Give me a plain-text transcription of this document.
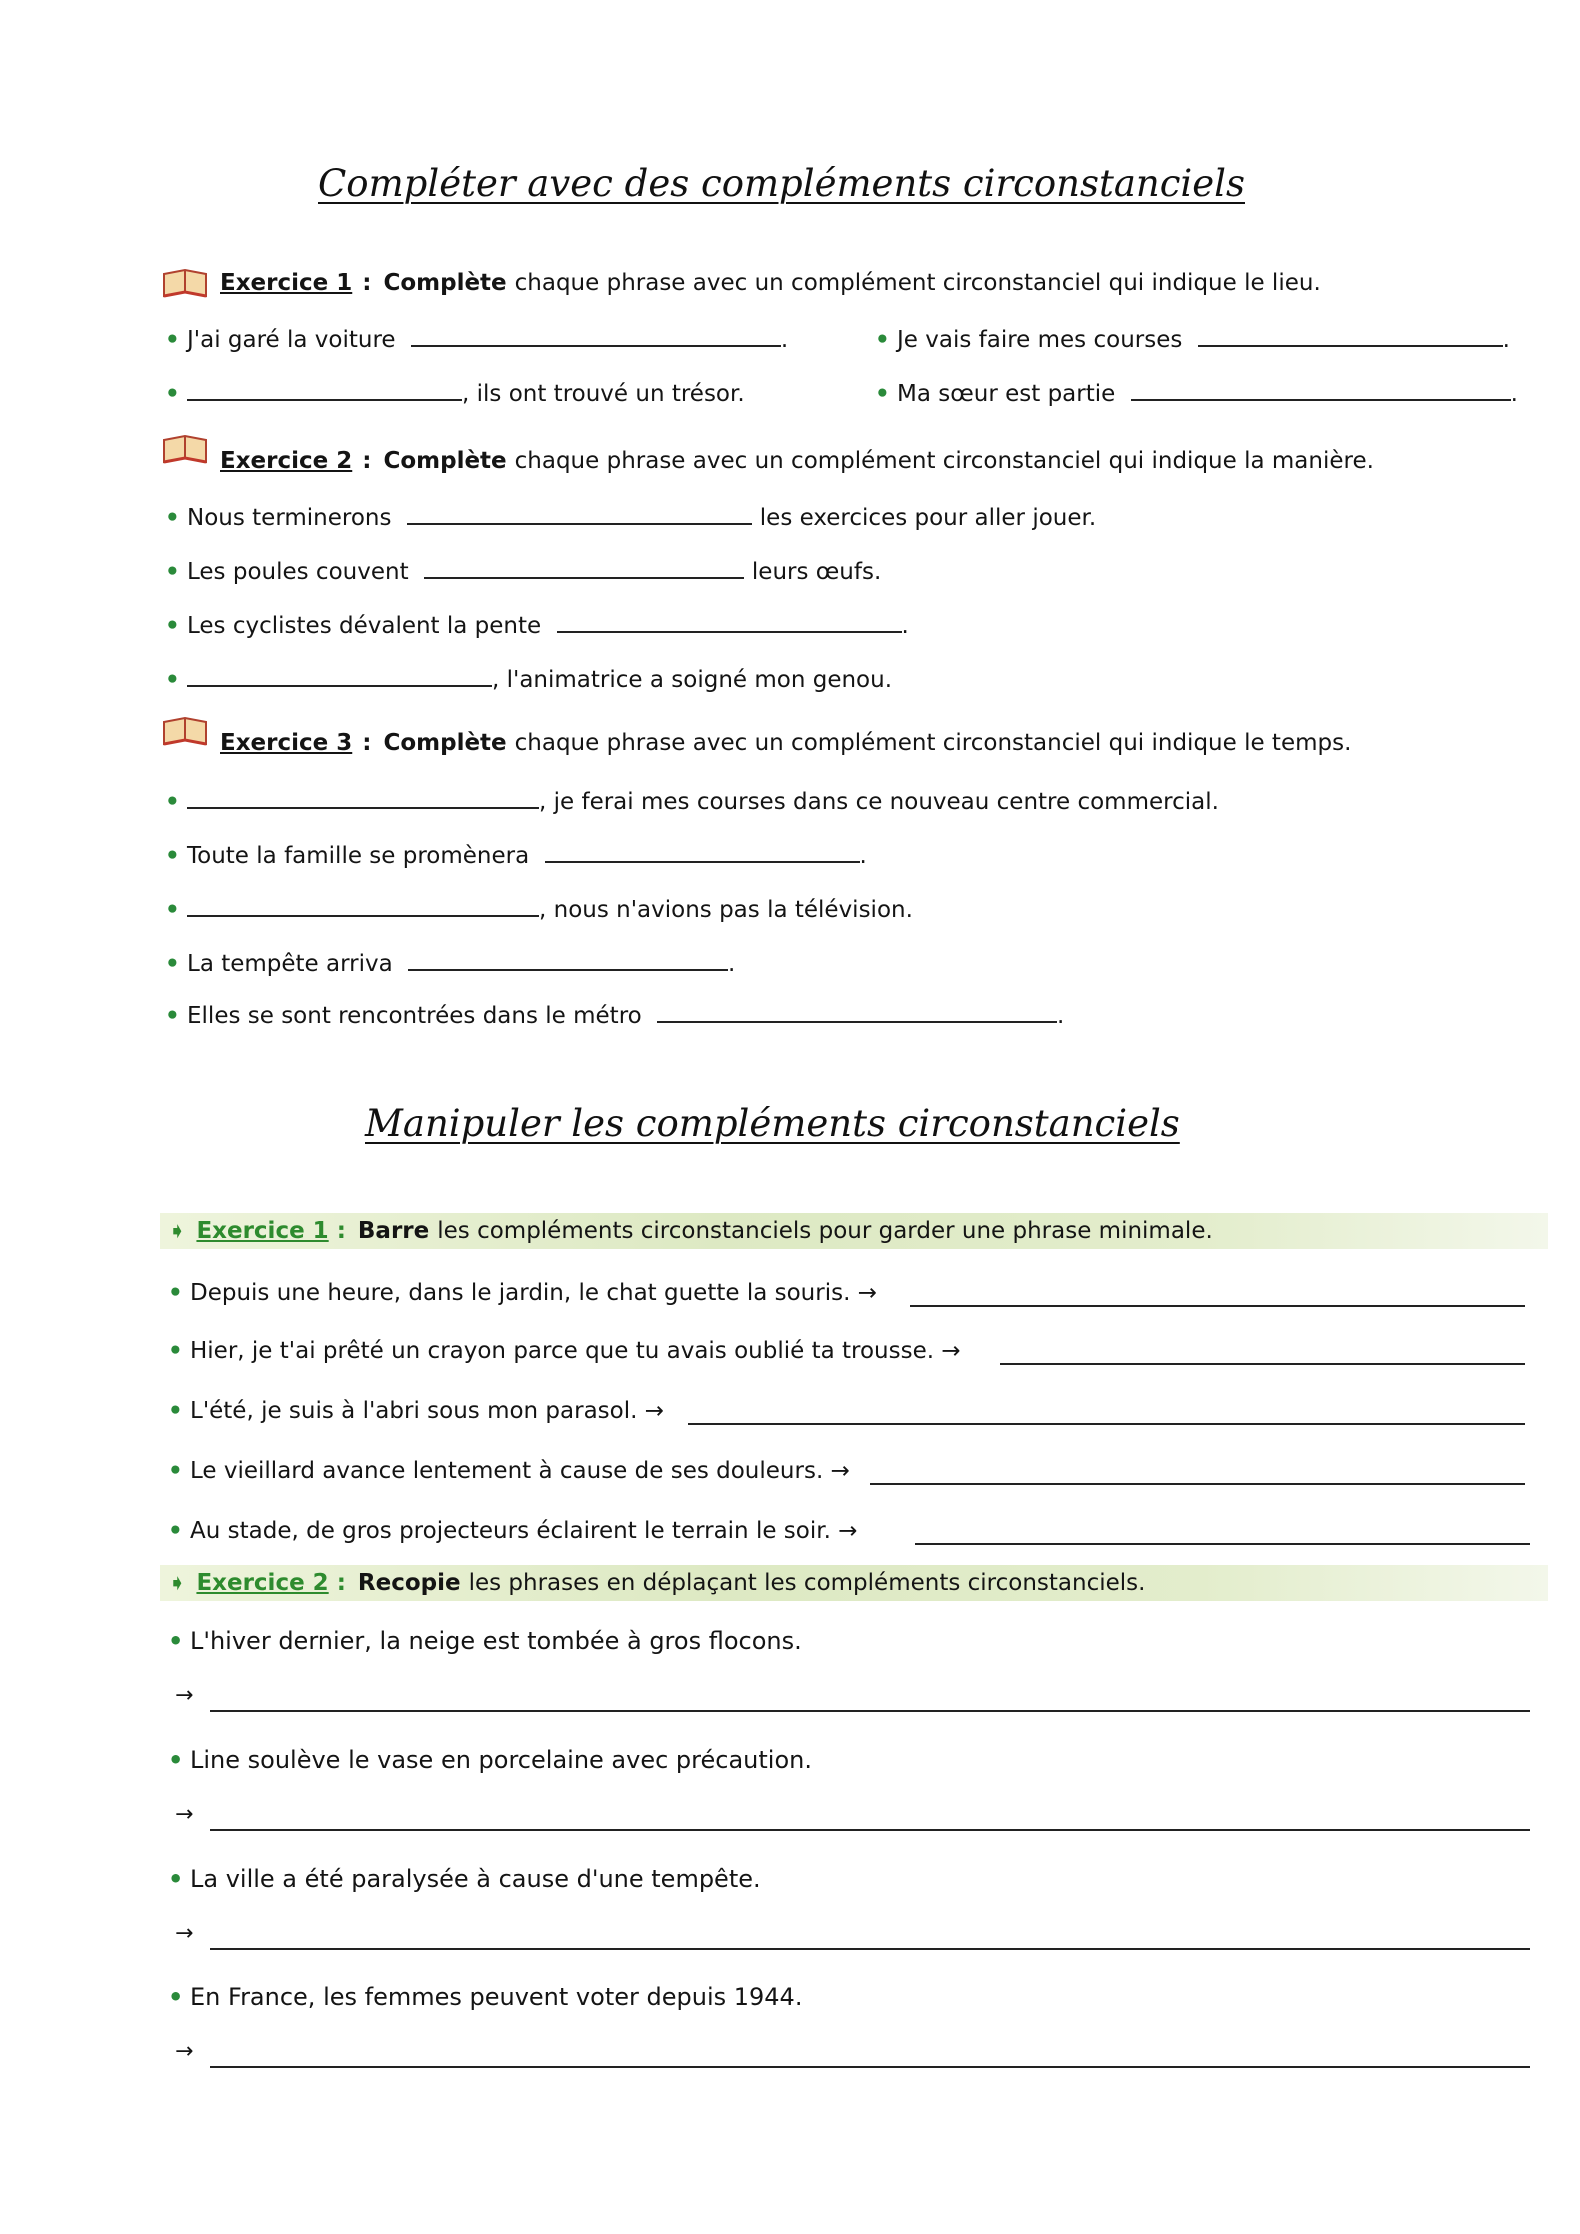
Compléter avec des compléments circonstanciels
Exercice 1 : Complète chaque phrase avec un complément circonstanciel qui indique le lieu.
• J'ai garé la voiture	.	• Je vais faire mes courses	.
•	, ils ont trouvé un trésor.	• Ma sœur est partie	.
Exercice 2 : Complète chaque phrase avec un complément circonstanciel qui indique la manière.
• Nous terminerons	les exercices pour aller jouer.
• Les poules couvent	leurs œufs.
• Les cyclistes dévalent la pente	.
•	, l'animatrice a soigné mon genou.
Exercice 3 : Complète chaque phrase avec un complément circonstanciel qui indique le temps.
•	, je ferai mes courses dans ce nouveau centre commercial.
• Toute la famille se promènera	.
•	, nous n'avions pas la télévision.
• La tempête arriva	.
• Elles se sont rencontrées dans le métro	.
Manipuler les compléments circonstanciels
➧ Exercice 1 : Barre les compléments circonstanciels pour garder une phrase minimale.
• Depuis une heure, dans le jardin, le chat guette la souris. →
• Hier, je t'ai prêté un crayon parce que tu avais oublié ta trousse. →
• L'été, je suis à l'abri sous mon parasol. →
• Le vieillard avance lentement à cause de ses douleurs. →
• Au stade, de gros projecteurs éclairent le terrain le soir. →
➧ Exercice 2 : Recopie les phrases en déplaçant les compléments circonstanciels.
• L'hiver dernier, la neige est tombée à gros flocons.
→
• Line soulève le vase en porcelaine avec précaution.
→
• La ville a été paralysée à cause d'une tempête.
→
• En France, les femmes peuvent voter depuis 1944.
→
